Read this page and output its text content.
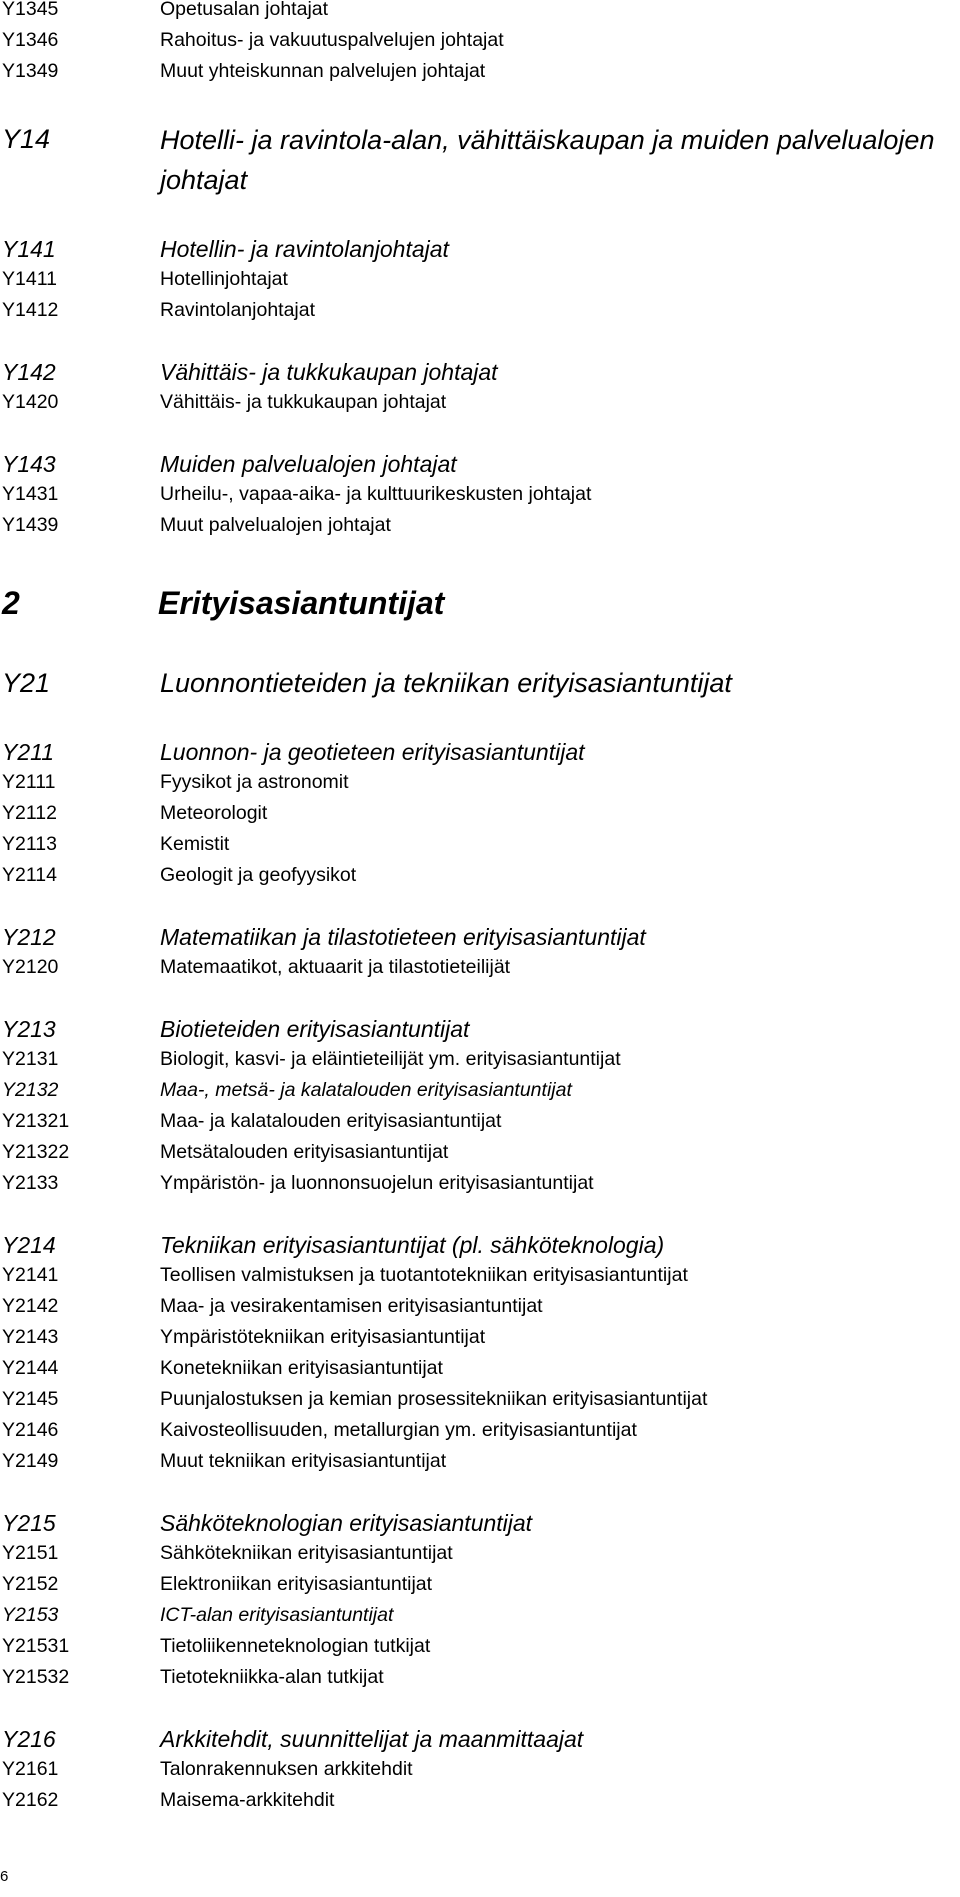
Y1345	Opetusalan johtajat
Y1346	Rahoitus- ja vakuutuspalvelujen johtajat
Y1349	Muut yhteiskunnan palvelujen johtajat
Y14	Hotelli- ja ravintola-alan, vähittäiskaupan ja muiden palvelualojen johtajat
Y141	Hotellin- ja ravintolanjohtajat
Y1411	Hotellinjohtajat
Y1412	Ravintolanjohtajat
Y142	Vähittäis- ja tukkukaupan johtajat
Y1420	Vähittäis- ja tukkukaupan johtajat
Y143	Muiden palvelualojen johtajat
Y1431	Urheilu-, vapaa-aika- ja kulttuurikeskusten johtajat
Y1439	Muut palvelualojen johtajat
2	Erityisasiantuntijat
Y21	Luonnontieteiden ja tekniikan erityisasiantuntijat
Y211	Luonnon- ja geotieteen erityisasiantuntijat
Y2111	Fyysikot ja astronomit
Y2112	Meteorologit
Y2113	Kemistit
Y2114	Geologit ja geofyysikot
Y212	Matematiikan ja tilastotieteen erityisasiantuntijat
Y2120	Matemaatikot, aktuaarit ja tilastotieteilijät
Y213	Biotieteiden erityisasiantuntijat
Y2131	Biologit, kasvi- ja eläintieteilijät ym. erityisasiantuntijat
Y2132	Maa-, metsä- ja kalatalouden erityisasiantuntijat
Y21321	Maa- ja kalatalouden erityisasiantuntijat
Y21322	Metsätalouden erityisasiantuntijat
Y2133	Ympäristön- ja luonnonsuojelun erityisasiantuntijat
Y214	Tekniikan erityisasiantuntijat (pl. sähköteknologia)
Y2141	Teollisen valmistuksen ja tuotantotekniikan erityisasiantuntijat
Y2142	Maa- ja vesirakentamisen erityisasiantuntijat
Y2143	Ympäristötekniikan erityisasiantuntijat
Y2144	Konetekniikan erityisasiantuntijat
Y2145	Puunjalostuksen ja kemian prosessitekniikan erityisasiantuntijat
Y2146	Kaivosteollisuuden, metallurgian ym. erityisasiantuntijat
Y2149	Muut tekniikan erityisasiantuntijat
Y215	Sähköteknologian erityisasiantuntijat
Y2151	Sähkötekniikan erityisasiantuntijat
Y2152	Elektroniikan erityisasiantuntijat
Y2153	ICT-alan erityisasiantuntijat
Y21531	Tietoliikenneteknologian tutkijat
Y21532	Tietotekniikka-alan tutkijat
Y216	Arkkitehdit, suunnittelijat ja maanmittaajat
Y2161	Talonrakennuksen arkkitehdit
Y2162	Maisema-arkkitehdit
6
